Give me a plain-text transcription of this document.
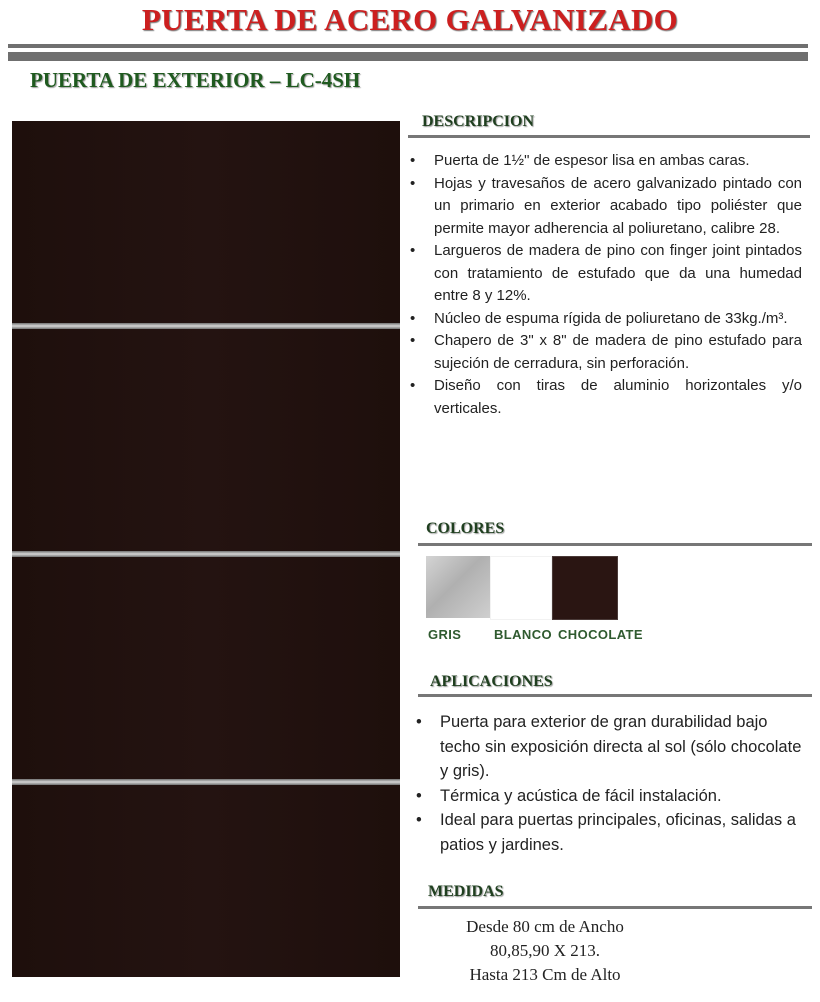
PUERTA DE ACERO GALVANIZADO
PUERTA DE EXTERIOR – LC-4SH
DESCRIPCION
• Puerta de 1½" de espesor lisa en ambas caras.
• Hojas y travesaños de acero galvanizado pintado con un primario en exterior acabado tipo poliéster que permite mayor adherencia al poliuretano, calibre 28.
• Largueros de madera de pino con finger joint pintados con tratamiento de estufado que da una humedad entre 8 y 12%.
• Núcleo de espuma rígida de poliuretano de 33kg./m³.
• Chapero de 3" x 8" de madera de pino estufado para sujeción de cerradura, sin perforación.
• Diseño con tiras de aluminio horizontales y/o verticales.
COLORES
GRIS	BLANCO CHOCOLATE
APLICACIONES
• Puerta para exterior de gran durabilidad bajo techo sin exposición directa al sol (sólo chocolate y gris).
• Térmica y acústica de fácil instalación.
• Ideal para puertas principales, oficinas, salidas a patios y jardines.
MEDIDAS
Desde 80 cm de Ancho
80,85,90 X 213.
Hasta 213 Cm de Alto
